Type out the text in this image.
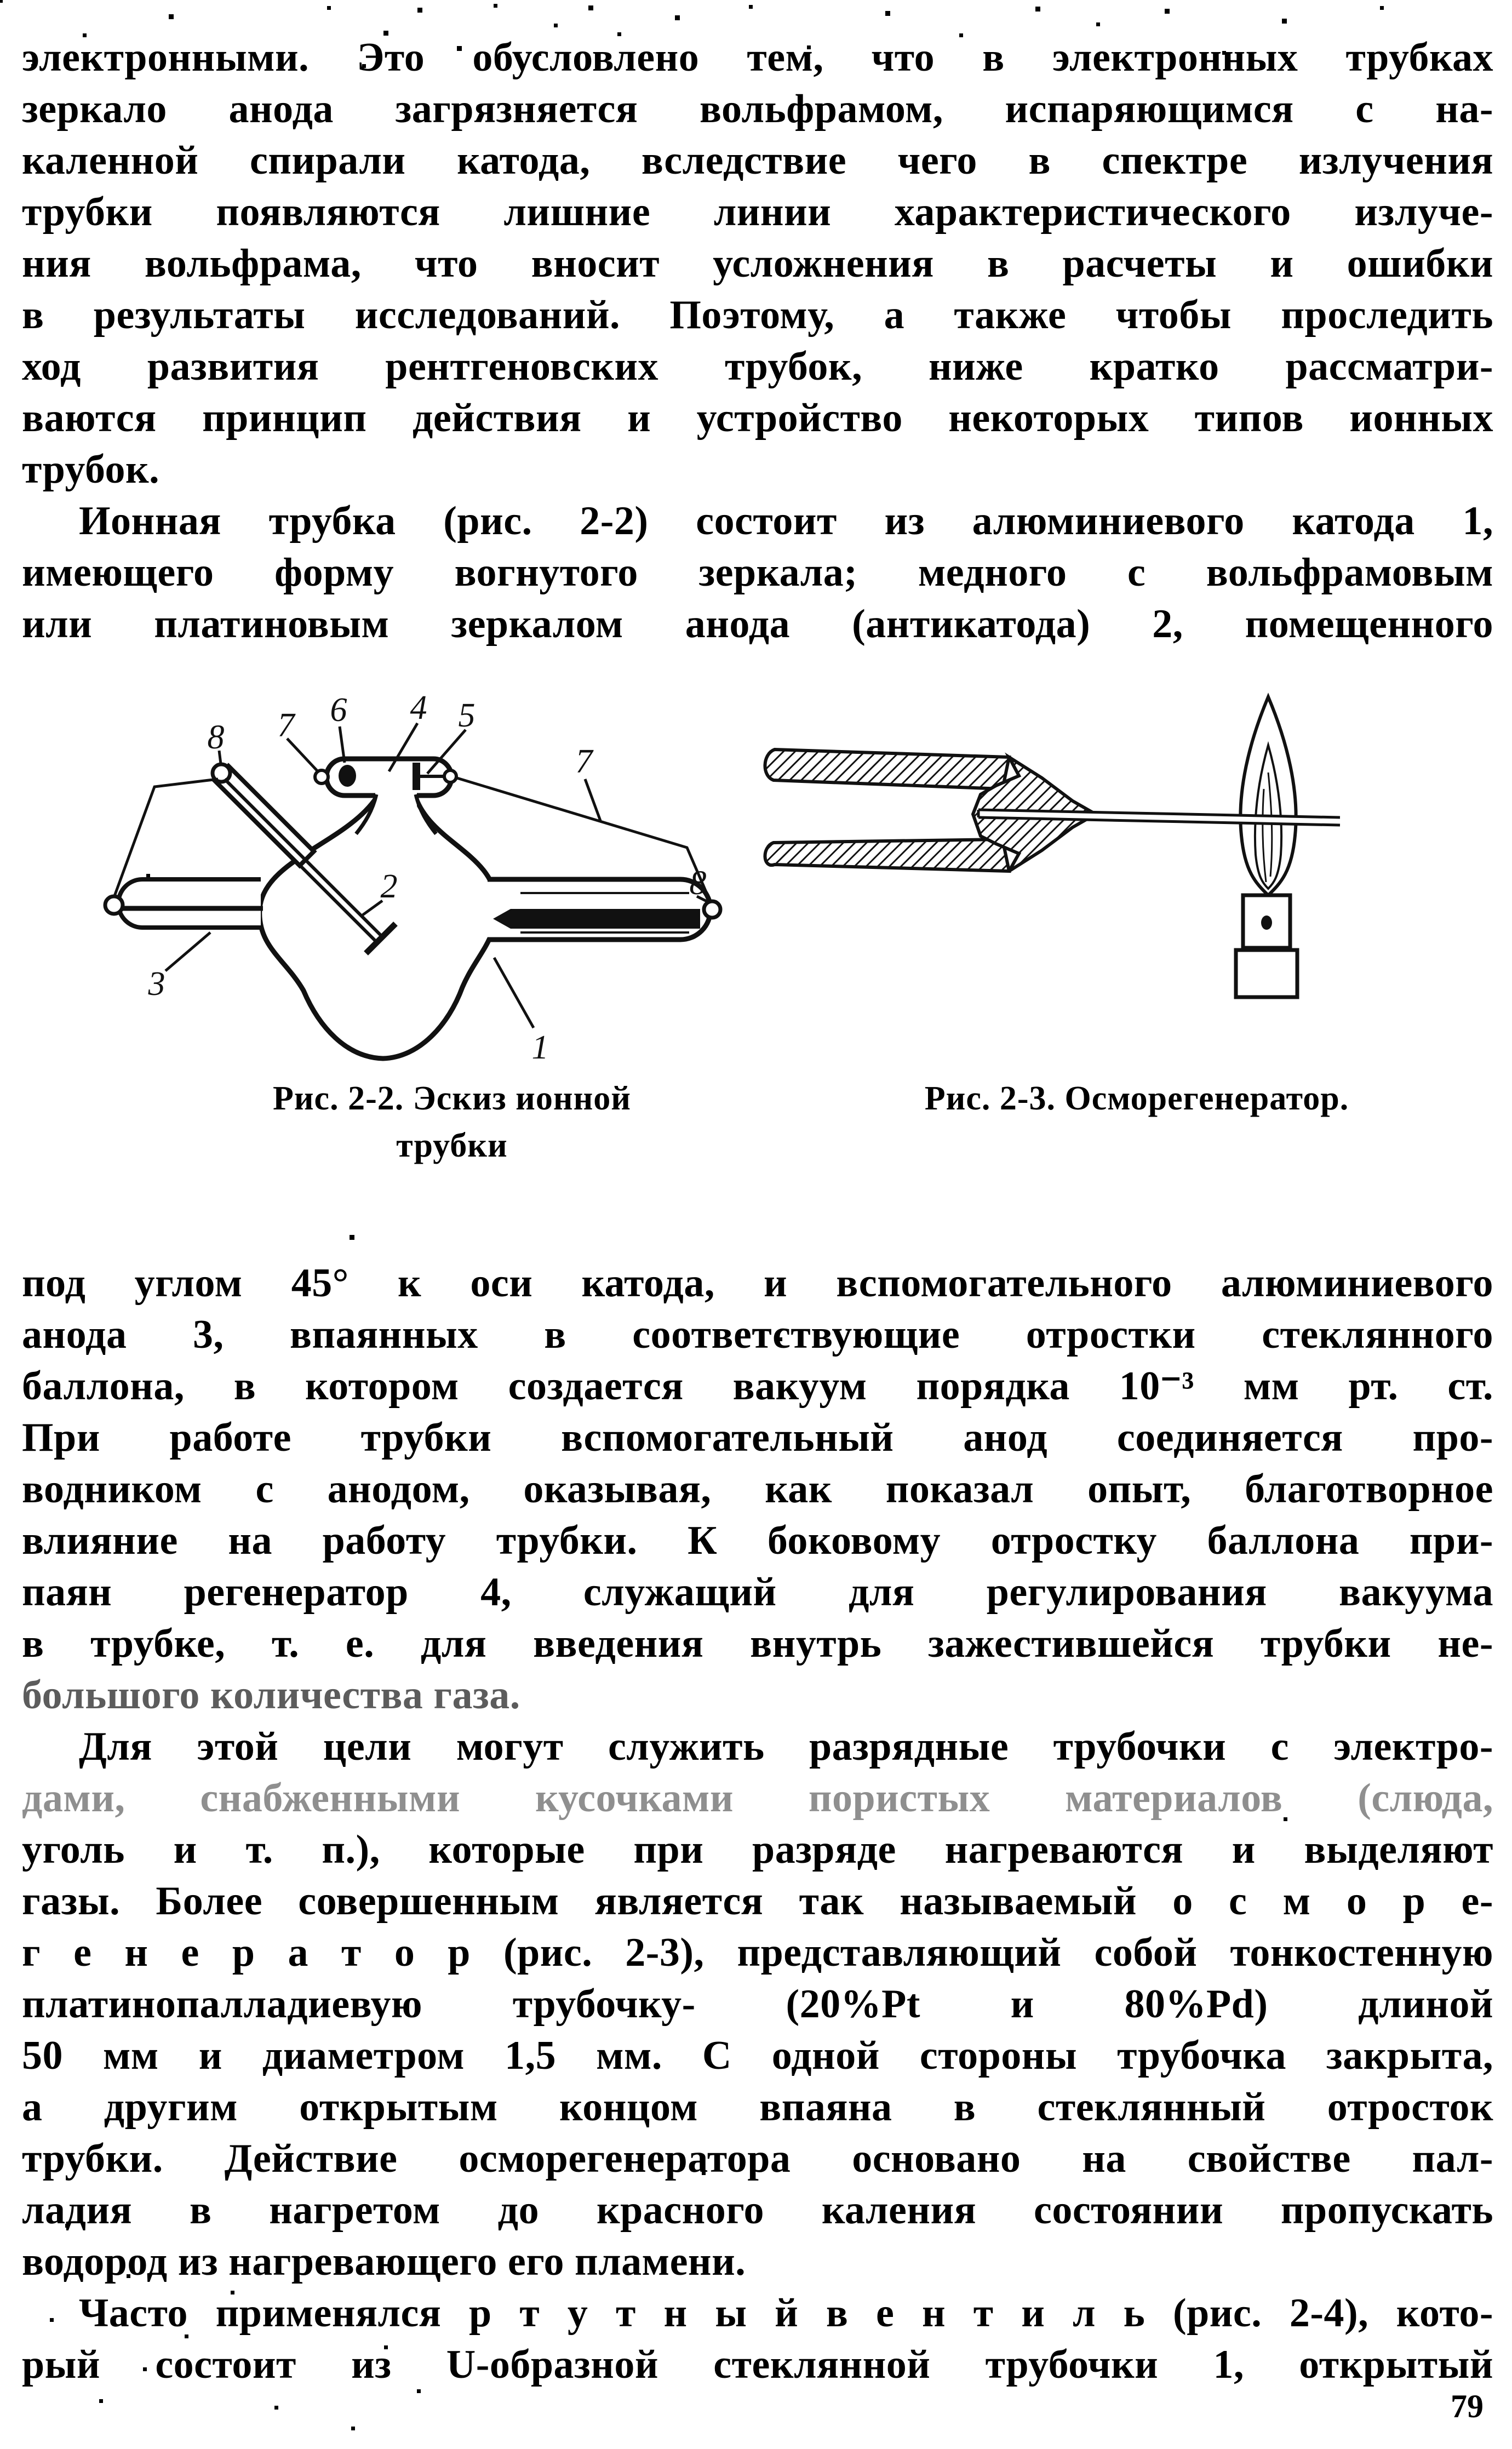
электронными. Это обусловлено тем, что в электронных трубках
зеркало анода загрязняется вольфрамом, испаряющимся с на-
каленной спирали катода, вследствие чего в спектре излучения
трубки появляются лишние линии характеристического излуче-
ния вольфрама, что вносит усложнения в расчеты и ошибки
в результаты исследований. Поэтому, а также чтобы проследить
ход развития рентгеновских трубок, ниже кратко рассматри-
ваются принцип действия и устройство некоторых типов ионных
трубок.
Ионная трубка (рис. 2-2) состоит из алюминиевого катода 1,
имеющего форму вогнутого зеркала; медного с вольфрамовым
или платиновым зеркалом анода (антикатода) 2, помещенного
8 7 6 4 5
7
8
2
3
1
Рис. 2-2. Эскиз ионной
трубки
Рис. 2-3. Осморегенератор.
под углом 45° к оси катода, и вспомогательного алюминиевого
анода 3, впаянных в соответствующие отростки стеклянного
баллона, в котором создается вакуум порядка 10⁻³ мм рт. ст.
При работе трубки вспомогательный анод соединяется про-
водником с анодом, оказывая, как показал опыт, благотворное
влияние на работу трубки. К боковому отростку баллона при-
паян регенератор 4, служащий для регулирования вакуума
в трубке, т. е. для введения внутрь зажестившейся трубки не-
большого количества газа.
Для этой цели могут служить разрядные трубочки с электро-
дами, снабженными кусочками пористых материалов (слюда,
уголь и т. п.), которые при разряде нагреваются и выделяют
газы. Более совершенным является так называемый о с м о р е-
г е н е р а т о р (рис. 2-3), представляющий собой тонкостенную
платинопалладиевую трубочку- (20%Pt и 80%Pd) длиной
50 мм и диаметром 1,5 мм. С одной стороны трубочка закрыта,
а другим открытым концом впаяна в стеклянный отросток
трубки. Действие осморегенератора основано на свойстве пал-
ладия в нагретом до красного каления состоянии пропускать
водород из нагревающего его пламени.
Часто применялся р т у т н ы й в е н т и л ь (рис. 2-4), кото-
рый состоит из U-образной стеклянной трубочки 1, открытый
79
